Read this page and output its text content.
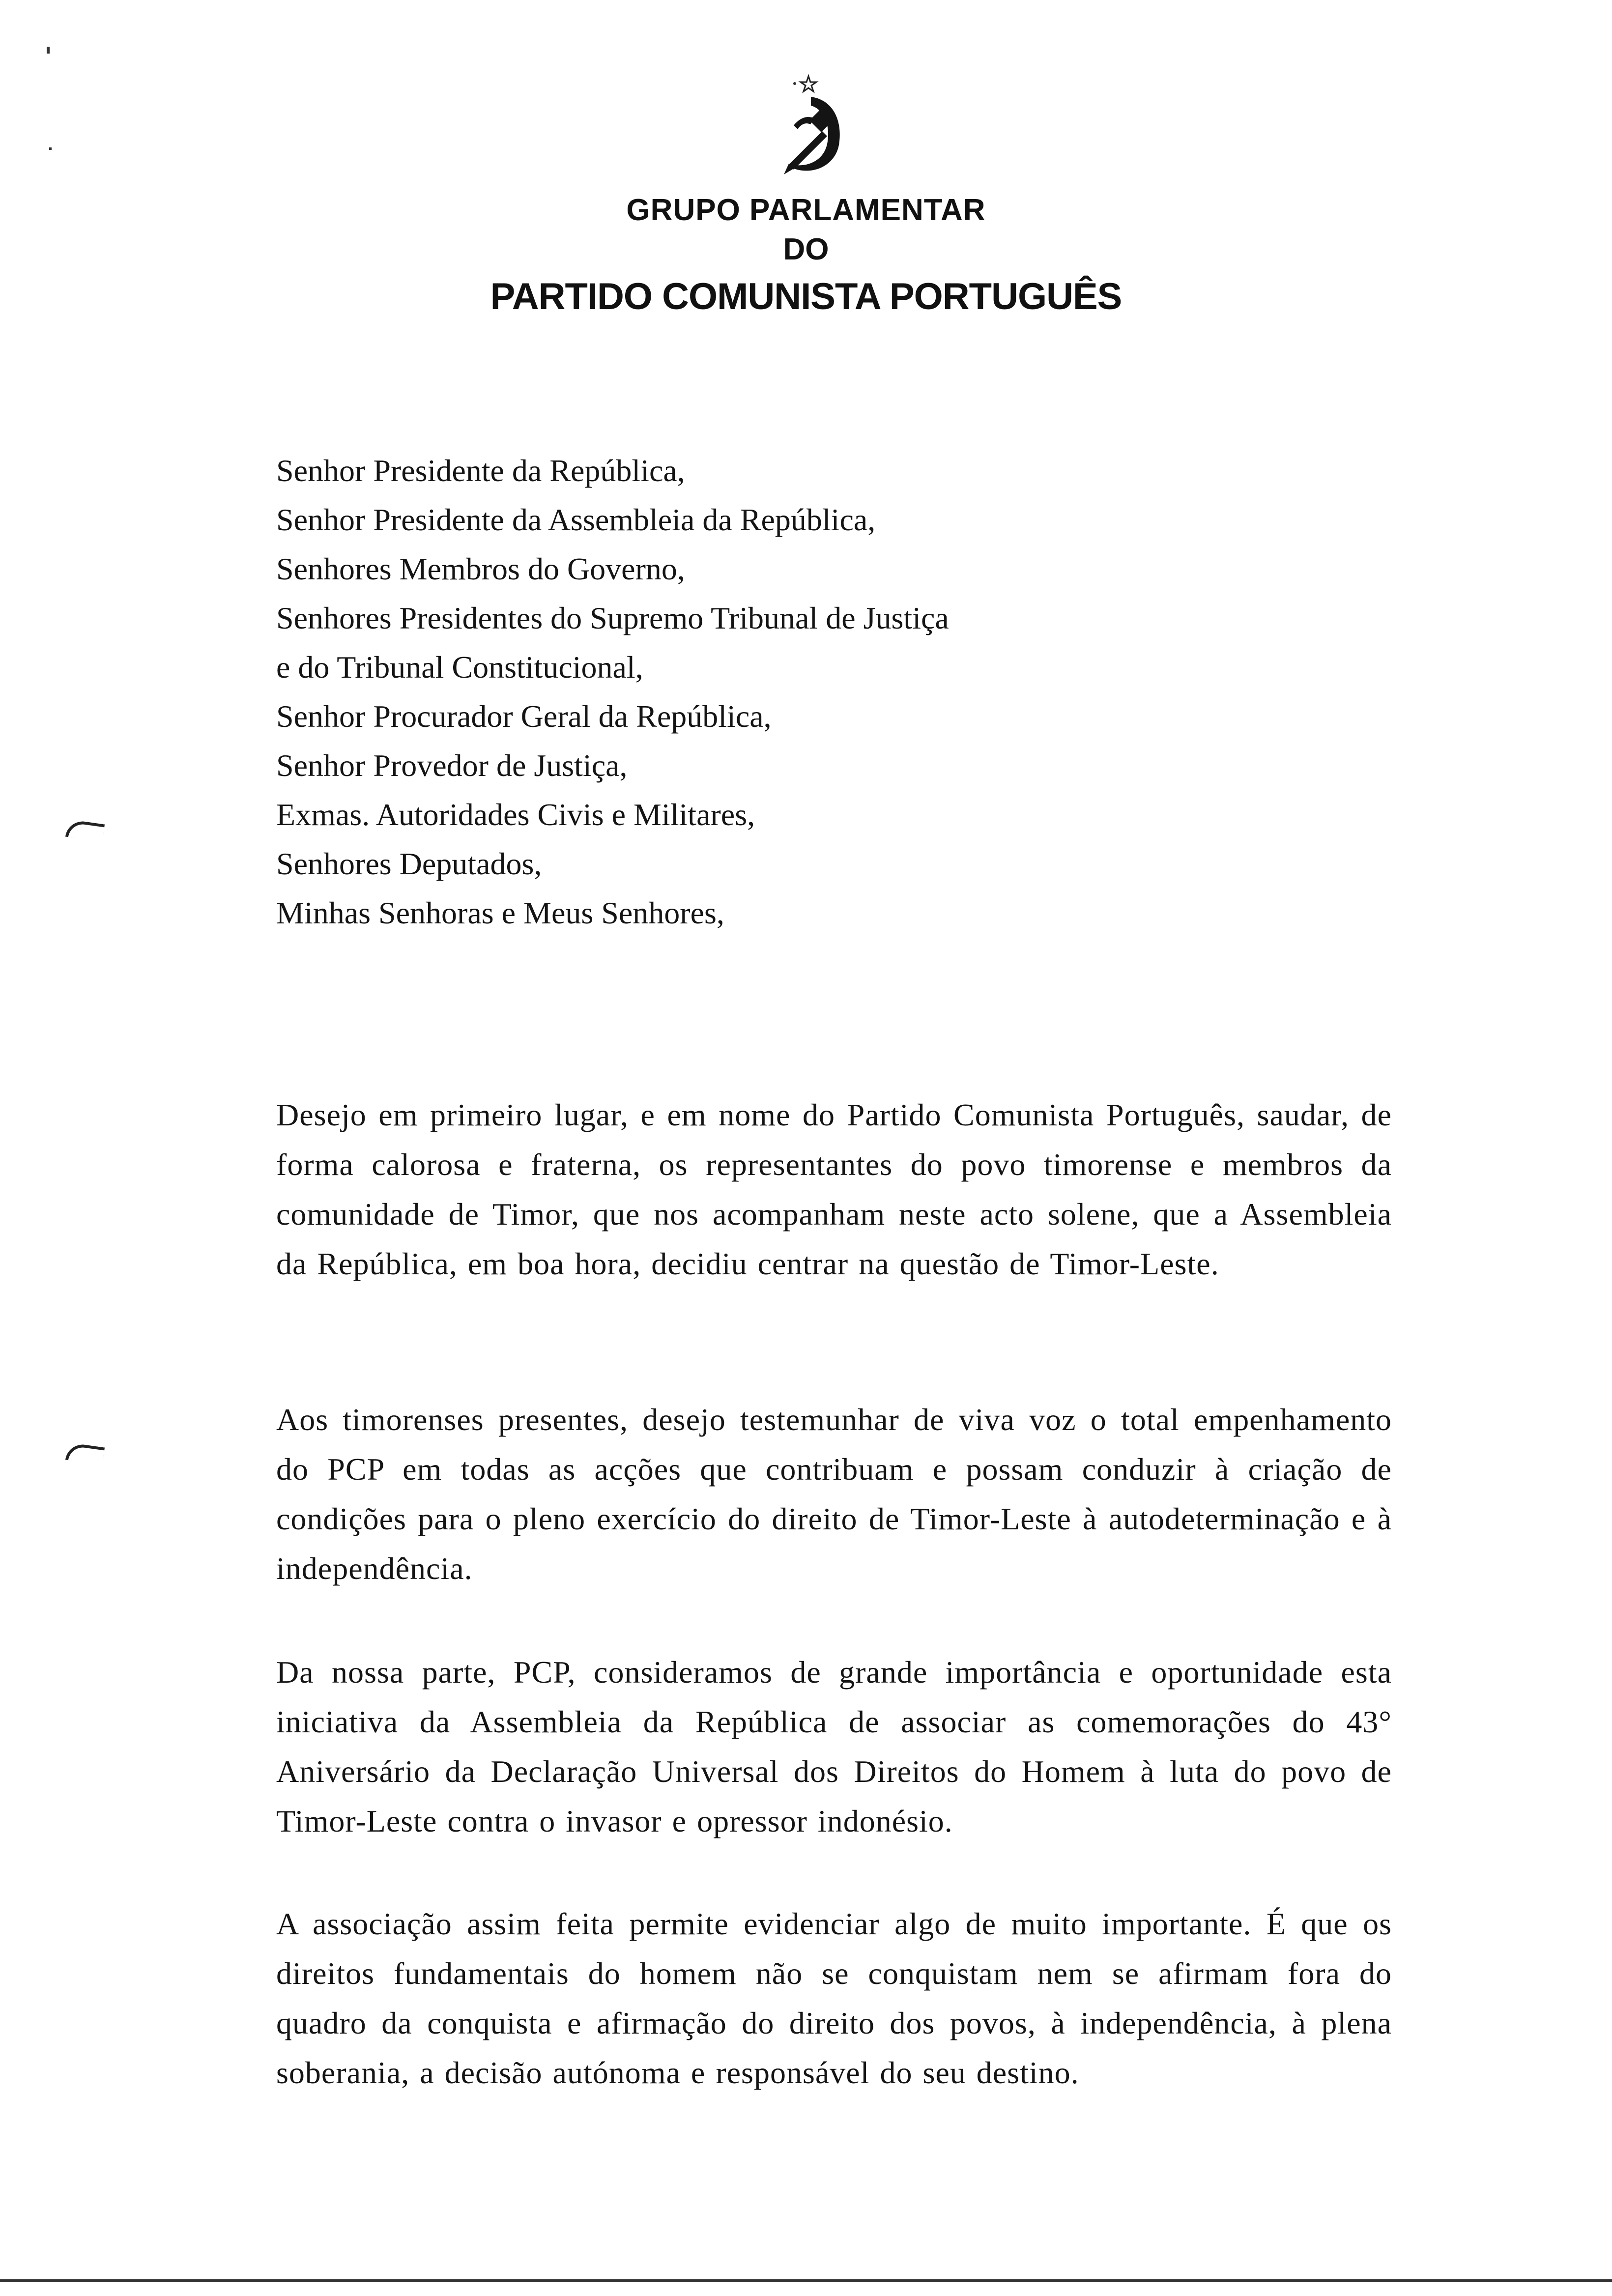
GRUPO PARLAMENTAR
DO
PARTIDO COMUNISTA PORTUGUÊS
Senhor Presidente da República,
Senhor Presidente da Assembleia da República,
Senhores Membros do Governo,
Senhores Presidentes do Supremo Tribunal de Justiça
e do Tribunal Constitucional,
Senhor Procurador Geral da República,
Senhor Provedor de Justiça,
Exmas. Autoridades Civis e Militares,
Senhores Deputados,
Minhas Senhoras e Meus Senhores,

Desejo em primeiro lugar, e em nome do Partido Comunista Português, saudar, de forma calorosa e fraterna, os representantes do povo timorense e membros da comunidade de Timor, que nos acompanham neste acto solene, que a Assembleia da República, em boa hora, decidiu centrar na questão de Timor-Leste.

Aos timorenses presentes, desejo testemunhar de viva voz o total empenhamento do PCP em todas as acções que contribuam e possam conduzir à criação de condições para o pleno exercício do direito de Timor-Leste à autodeterminação e à independência.

Da nossa parte, PCP, consideramos de grande importância e oportunidade esta iniciativa da Assembleia da República de associar as comemorações do 43° Aniversário da Declaração Universal dos Direitos do Homem à luta do povo de Timor-Leste contra o invasor e opressor indonésio.

A associação assim feita permite evidenciar algo de muito importante. É que os direitos fundamentais do homem não se conquistam nem se afirmam fora do quadro da conquista e afirmação do direito dos povos, à independência, à plena soberania, a decisão autónoma e responsável do seu destino.
